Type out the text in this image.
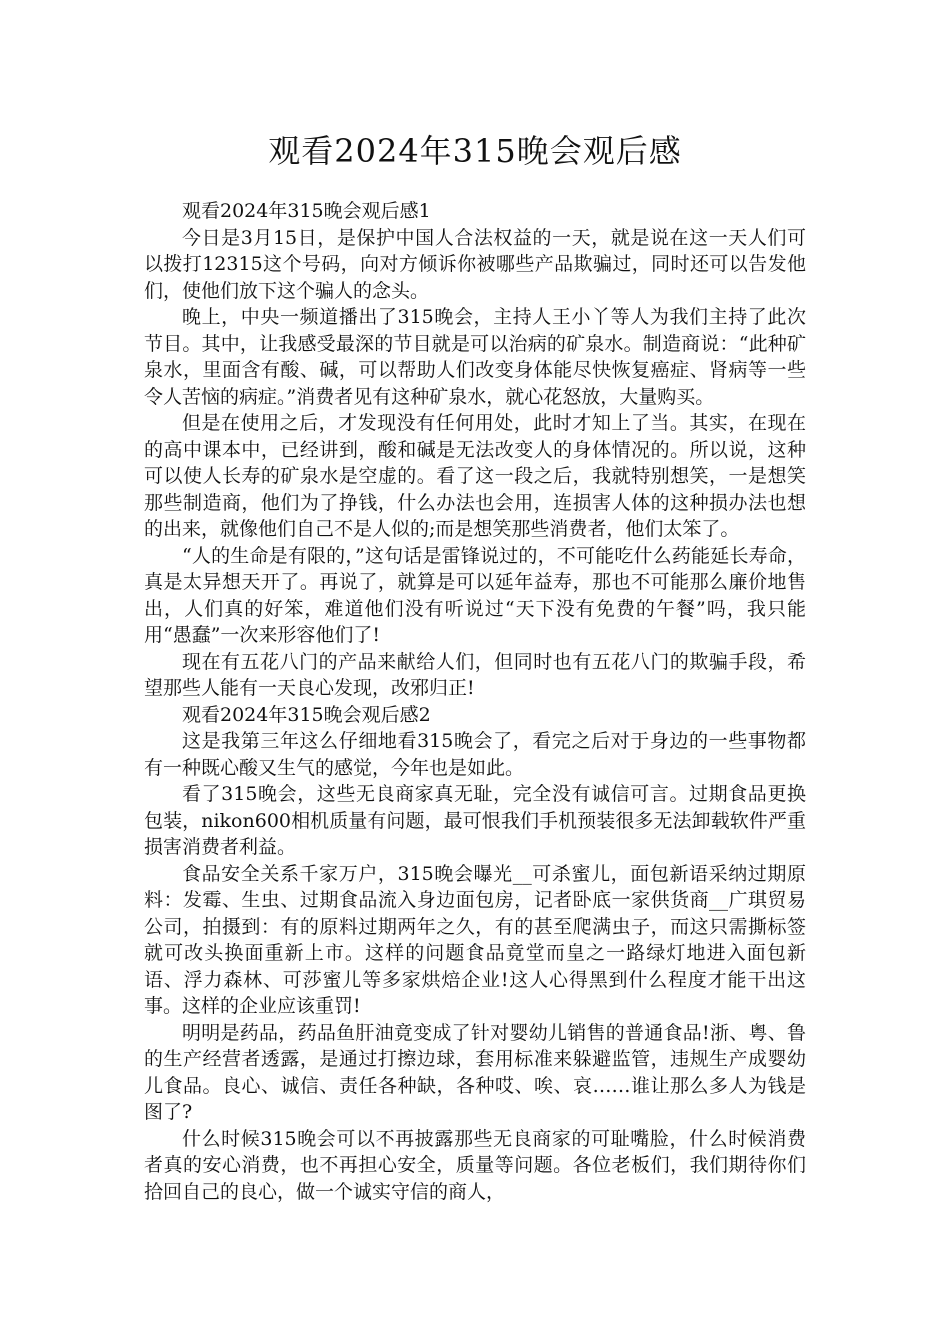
观看2024年315晚会观后感

观看2024年315晚会观后感1

今日是3月15日，是保护中国人合法权益的一天，就是说在这一天人们可以拨打12315这个号码，向对方倾诉你被哪些产品欺骗过，同时还可以告发他们，使他们放下这个骗人的念头。

晚上，中央一频道播出了315晚会，主持人王小丫等人为我们主持了此次节目。其中，让我感受最深的节目就是可以治病的矿泉水。制造商说：“此种矿泉水，里面含有酸、碱，可以帮助人们改变身体能尽快恢复癌症、肾病等一些令人苦恼的病症。”消费者见有这种矿泉水，就心花怒放，大量购买。

但是在使用之后，才发现没有任何用处，此时才知上了当。其实，在现在的高中课本中，已经讲到，酸和碱是无法改变人的身体情况的。所以说，这种可以使人长寿的矿泉水是空虚的。看了这一段之后，我就特别想笑，一是想笑那些制造商，他们为了挣钱，什么办法也会用，连损害人体的这种损办法也想的出来，就像他们自己不是人似的;而是想笑那些消费者，他们太笨了。

“人的生命是有限的，”这句话是雷锋说过的，不可能吃什么药能延长寿命，真是太异想天开了。再说了，就算是可以延年益寿，那也不可能那么廉价地售出，人们真的好笨，难道他们没有听说过“天下没有免费的午餐”吗，我只能用“愚蠢”一次来形容他们了!

现在有五花八门的产品来献给人们，但同时也有五花八门的欺骗手段，希望那些人能有一天良心发现，改邪归正!

观看2024年315晚会观后感2

这是我第三年这么仔细地看315晚会了，看完之后对于身边的一些事物都有一种既心酸又生气的感觉，今年也是如此。

看了315晚会，这些无良商家真无耻，完全没有诚信可言。过期食品更换包装，nikon600相机质量有问题，最可恨我们手机预装很多无法卸载软件严重损害消费者利益。

食品安全关系千家万户，315晚会曝光__可杀蜜儿，面包新语采纳过期原料：发霉、生虫、过期食品流入身边面包房，记者卧底一家供货商__广琪贸易公司，拍摄到：有的原料过期两年之久，有的甚至爬满虫子，而这只需撕标签就可改头换面重新上市。这样的问题食品竟堂而皇之一路绿灯地进入面包新语、浮力森林、可莎蜜儿等多家烘焙企业!这人心得黑到什么程度才能干出这事。这样的企业应该重罚!

明明是药品，药品鱼肝油竟变成了针对婴幼儿销售的普通食品!浙、粤、鲁的生产经营者透露，是通过打擦边球，套用标准来躲避监管，违规生产成婴幼儿食品。良心、诚信、责任各种缺，各种哎、唉、哀……谁让那么多人为钱是图了?

什么时候315晚会可以不再披露那些无良商家的可耻嘴脸，什么时候消费者真的安心消费，也不再担心安全，质量等问题。各位老板们，我们期待你们拾回自己的良心，做一个诚实守信的商人，
